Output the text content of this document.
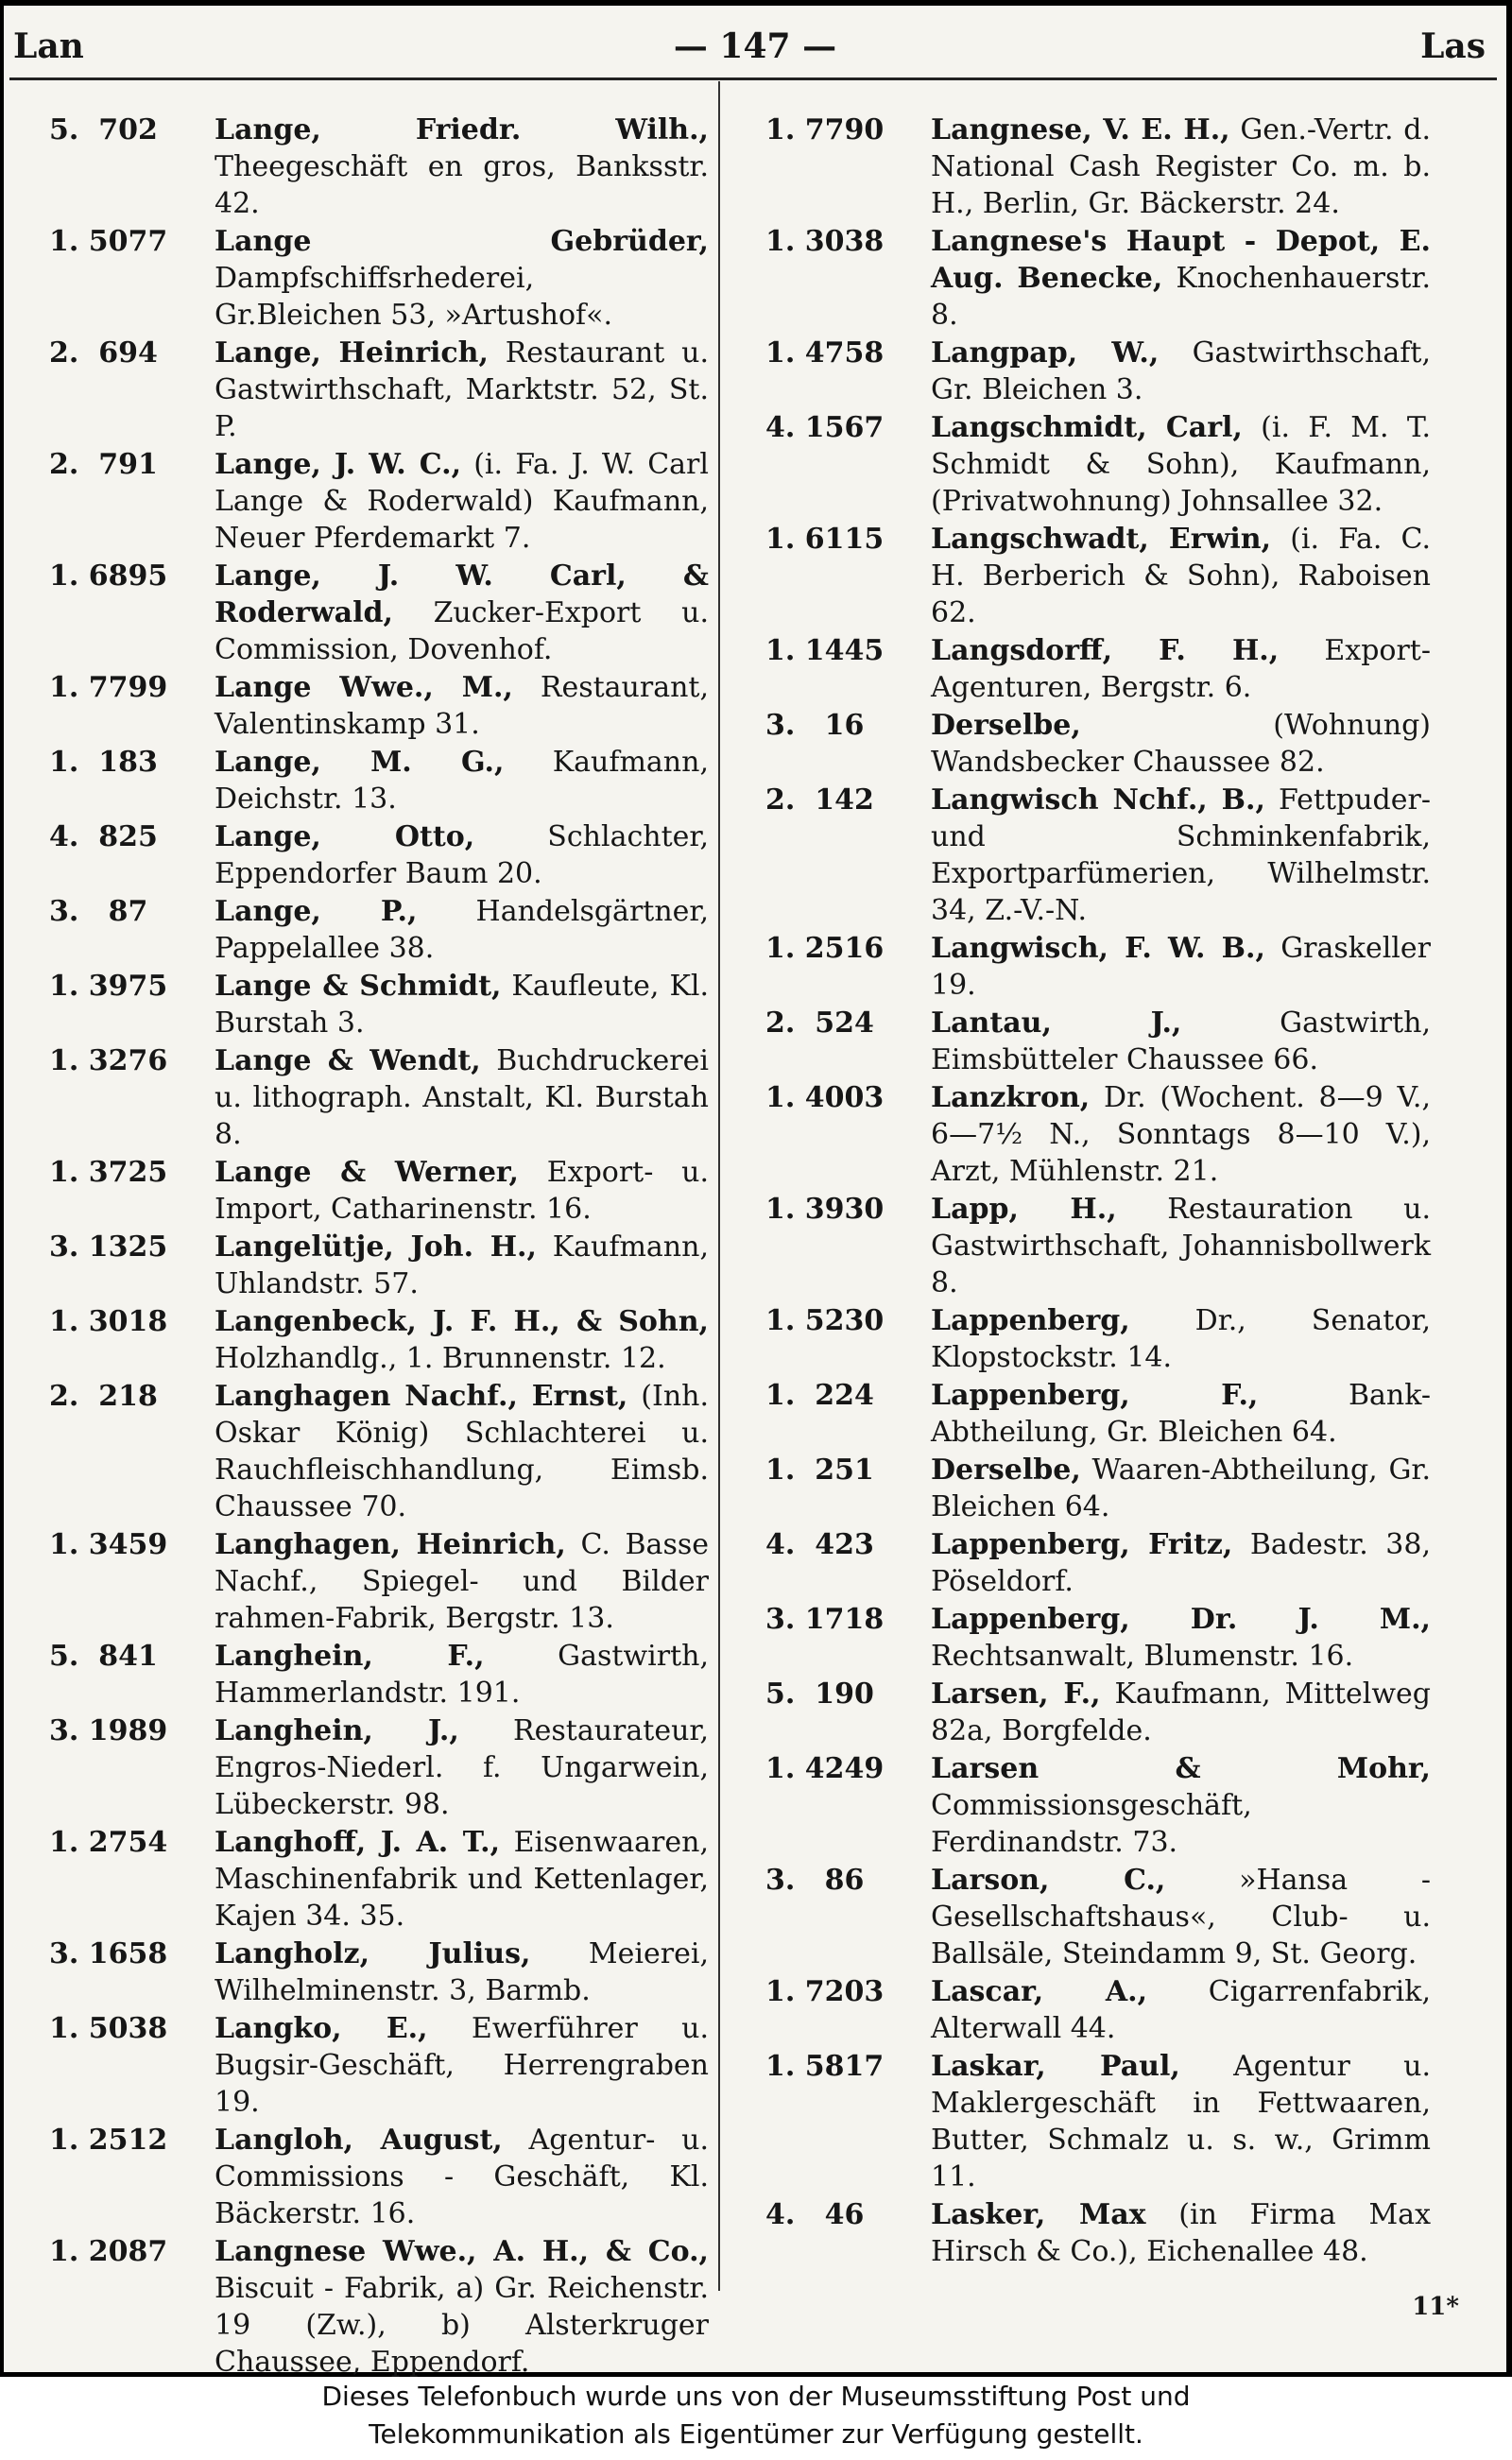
Lan	— 147 —	Las
5.  702	Lange, Friedr. Wilh., Theegeschäft en gros, Banksstr. 42.
1. 5077	Lange Gebrüder, Dampfschiffsrhederei, Gr.Bleichen 53, »Artushof«.
2.  694	Lange, Heinrich, Restaurant u. Gastwirthschaft, Marktstr. 52, St. P.
2.  791	Lange, J. W. C., (i. Fa. J. W. Carl Lange & Roderwald) Kaufmann, Neuer Pferdemarkt 7.
1. 6895	Lange, J. W. Carl, & Roderwald, Zucker-Export u. Commission, Dovenhof.
1. 7799	Lange Wwe., M., Restaurant, Valentinskamp 31.
1.  183	Lange, M. G., Kaufmann, Deichstr. 13.
4.  825	Lange, Otto, Schlachter, Eppendorfer Baum 20.
3.   87	Lange, P., Handelsgärtner, Pappelallee 38.
1. 3975	Lange & Schmidt, Kaufleute, Kl. Burstah 3.
1. 3276	Lange & Wendt, Buchdruckerei u. lithograph. Anstalt, Kl. Burstah 8.
1. 3725	Lange & Werner, Export- u. Import, Catharinenstr. 16.
3. 1325	Langelütje, Joh. H., Kaufmann, Uhlandstr. 57.
1. 3018	Langenbeck, J. F. H., & Sohn, Holzhandlg., 1. Brunnenstr. 12.
2.  218	Langhagen Nachf., Ernst, (Inh. Oskar König) Schlachterei u. Rauchfleischhandlung, Eimsb. Chaussee 70.
1. 3459	Langhagen, Heinrich, C. Basse Nachf., Spiegel- und Bilder rahmen-Fabrik, Bergstr. 13.
5.  841	Langhein, F., Gastwirth, Hammerlandstr. 191.
3. 1989	Langhein, J., Restaurateur, Engros-Niederl. f. Ungarwein, Lübeckerstr. 98.
1. 2754	Langhoff, J. A. T., Eisenwaaren, Maschinenfabrik und Kettenlager, Kajen 34. 35.
3. 1658	Langholz, Julius, Meierei, Wilhelminenstr. 3, Barmb.
1. 5038	Langko, E., Ewerführer u. Bugsir-Geschäft, Herrengraben 19.
1. 2512	Langloh, August, Agentur- u. Commissions - Geschäft, Kl. Bäckerstr. 16.
1. 2087	Langnese Wwe., A. H., & Co., Biscuit - Fabrik, a) Gr. Reichenstr. 19 (Zw.), b) Alsterkruger Chaussee, Eppendorf.
1. 7790	Langnese, V. E. H., Gen.-Vertr. d. National Cash Register Co. m. b. H., Berlin, Gr. Bäckerstr. 24.
1. 3038	Langnese's Haupt - Depot, E. Aug. Benecke, Knochenhauerstr. 8.
1. 4758	Langpap, W., Gastwirthschaft, Gr. Bleichen 3.
4. 1567	Langschmidt, Carl, (i. F. M. T. Schmidt & Sohn), Kaufmann, (Privatwohnung) Johnsallee 32.
1. 6115	Langschwadt, Erwin, (i. Fa. C. H. Berberich & Sohn), Raboisen 62.
1. 1445	Langsdorff, F. H., Export-Agenturen, Bergstr. 6.
3.   16	Derselbe, (Wohnung) Wandsbecker Chaussee 82.
2.  142	Langwisch Nchf., B., Fettpuder- und Schminkenfabrik, Exportparfümerien, Wilhelmstr. 34, Z.-V.-N.
1. 2516	Langwisch, F. W. B., Graskeller 19.
2.  524	Lantau, J., Gastwirth, Eimsbütteler Chaussee 66.
1. 4003	Lanzkron, Dr. (Wochent. 8—9 V., 6—7½ N., Sonntags 8—10 V.), Arzt, Mühlenstr. 21.
1. 3930	Lapp, H., Restauration u. Gastwirthschaft, Johannisbollwerk 8.
1. 5230	Lappenberg, Dr., Senator, Klopstockstr. 14.
1.  224	Lappenberg, F., Bank-Abtheilung, Gr. Bleichen 64.
1.  251	Derselbe, Waaren-Abtheilung, Gr. Bleichen 64.
4.  423	Lappenberg, Fritz, Badestr. 38, Pöseldorf.
3. 1718	Lappenberg, Dr. J. M., Rechtsanwalt, Blumenstr. 16.
5.  190	Larsen, F., Kaufmann, Mittelweg 82a, Borgfelde.
1. 4249	Larsen & Mohr, Commissionsgeschäft, Ferdinandstr. 73.
3.   86	Larson, C., »Hansa - Gesellschaftshaus«, Club- u. Ballsäle, Steindamm 9, St. Georg.
1. 7203	Lascar, A., Cigarrenfabrik, Alterwall 44.
1. 5817	Laskar, Paul, Agentur u. Maklergeschäft in Fettwaaren, Butter, Schmalz u. s. w., Grimm 11.
4.   46	Lasker, Max (in Firma Max Hirsch & Co.), Eichenallee 48.
11*
Dieses Telefonbuch wurde uns von der Museumsstiftung Post und
Telekommunikation als Eigentümer zur Verfügung gestellt.
